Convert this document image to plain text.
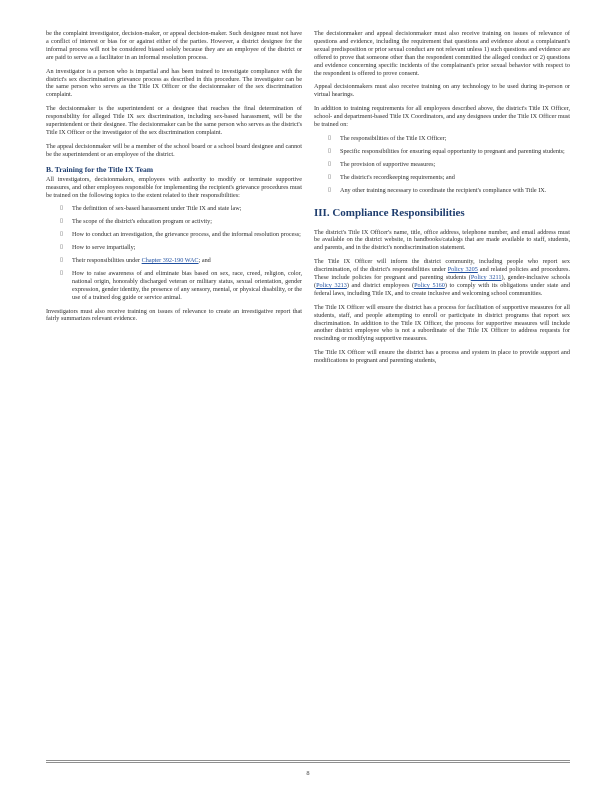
be the complaint investigator, decision-maker, or appeal decision-maker. Such designee must not have a conflict of interest or bias for or against either of the parties. However, a district designee for the informal process will not be considered biased solely because they are an employee of the district or are paid to serve as a facilitator in an informal resolution process.

An investigator is a person who is impartial and has been trained to investigate compliance with the district's sex discrimination grievance process as described in this procedure. The investigator can be the same person who serves as the Title IX Officer or the decisionmaker of the sex discrimination complaint.

The decisionmaker is the superintendent or a designee that reaches the final determination of responsibility for alleged Title IX sex discrimination, including sex-based harassment, will be the superintendent or their designee. The decisionmaker can be the same person who serves as the district's Title IX Officer or the investigator of the sex discrimination complaint.

The appeal decisionmaker will be a member of the school board or a school board designee and cannot be the superintendent or an employee of the district.

B. Training for the Title IX Team

All investigators, decisionmakers, employees with authority to modify or terminate supportive measures, and other employees responsible for implementing the recipient's grievance procedures must be trained on the following topics to the extent related to their responsibilities:

▯ The definition of sex-based harassment under Title IX and state law;
▯ The scope of the district's education program or activity;
▯ How to conduct an investigation, the grievance process, and the informal resolution process;
▯ How to serve impartially;
▯ Their responsibilities under Chapter 392-190 WAC; and
▯ How to raise awareness of and eliminate bias based on sex, race, creed, religion, color, national origin, honorably discharged veteran or military status, sexual orientation, gender expression, gender identity, the presence of any sensory, mental, or physical disability, or the use of a trained dog guide or service animal.

Investigators must also receive training on issues of relevance to create an investigative report that fairly summarizes relevant evidence.

The decisionmaker and appeal decisionmaker must also receive training on issues of relevance of questions and evidence, including the requirement that questions and evidence about a complainant's sexual predisposition or prior sexual conduct are not relevant unless 1) such questions and evidence are offered to prove that someone other than the respondent committed the alleged conduct or 2) questions and evidence concerning specific incidents of the complainant's prior sexual behavior with respect to the respondent is offered to prove consent.

Appeal decisionmakers must also receive training on any technology to be used during in-person or virtual hearings.

In addition to training requirements for all employees described above, the district's Title IX Officer, school- and department-based Title IX Coordinators, and any designees under the Title IX Officer must be trained on:

▯ The responsibilities of the Title IX Officer;
▯ Specific responsibilities for ensuring equal opportunity to pregnant and parenting students;
▯ The provision of supportive measures;
▯ The district's recordkeeping requirements; and
▯ Any other training necessary to coordinate the recipient's compliance with Title IX.
III. Compliance Responsibilities

The district's Title IX Officer's name, title, office address, telephone number, and email address must be available on the district website, in handbooks/catalogs that are made available to staff, students, and parents, and in the district's nondiscrimination statement.

The Title IX Officer will inform the district community, including people who report sex discrimination, of the district's responsibilities under Policy 3205 and related policies and procedures. These include policies for pregnant and parenting students (Policy 3211), gender-inclusive schools (Policy 3213) and district employees (Policy 5160) to comply with its obligations under state and federal laws, including Title IX, and to create inclusive and welcoming school communities.

The Title IX Officer will ensure the district has a process for facilitation of supportive measures for all students, staff, and people attempting to enroll or participate in district programs that report sex discrimination. In addition to the Title IX Officer, the process for supportive measures will include another district employee who is not a subordinate of the Title IX Officer to address requests for rescinding or modifying supportive measures.

The Title IX Officer will ensure the district has a process and system in place to provide support and modifications to pregnant and parenting students,

8
